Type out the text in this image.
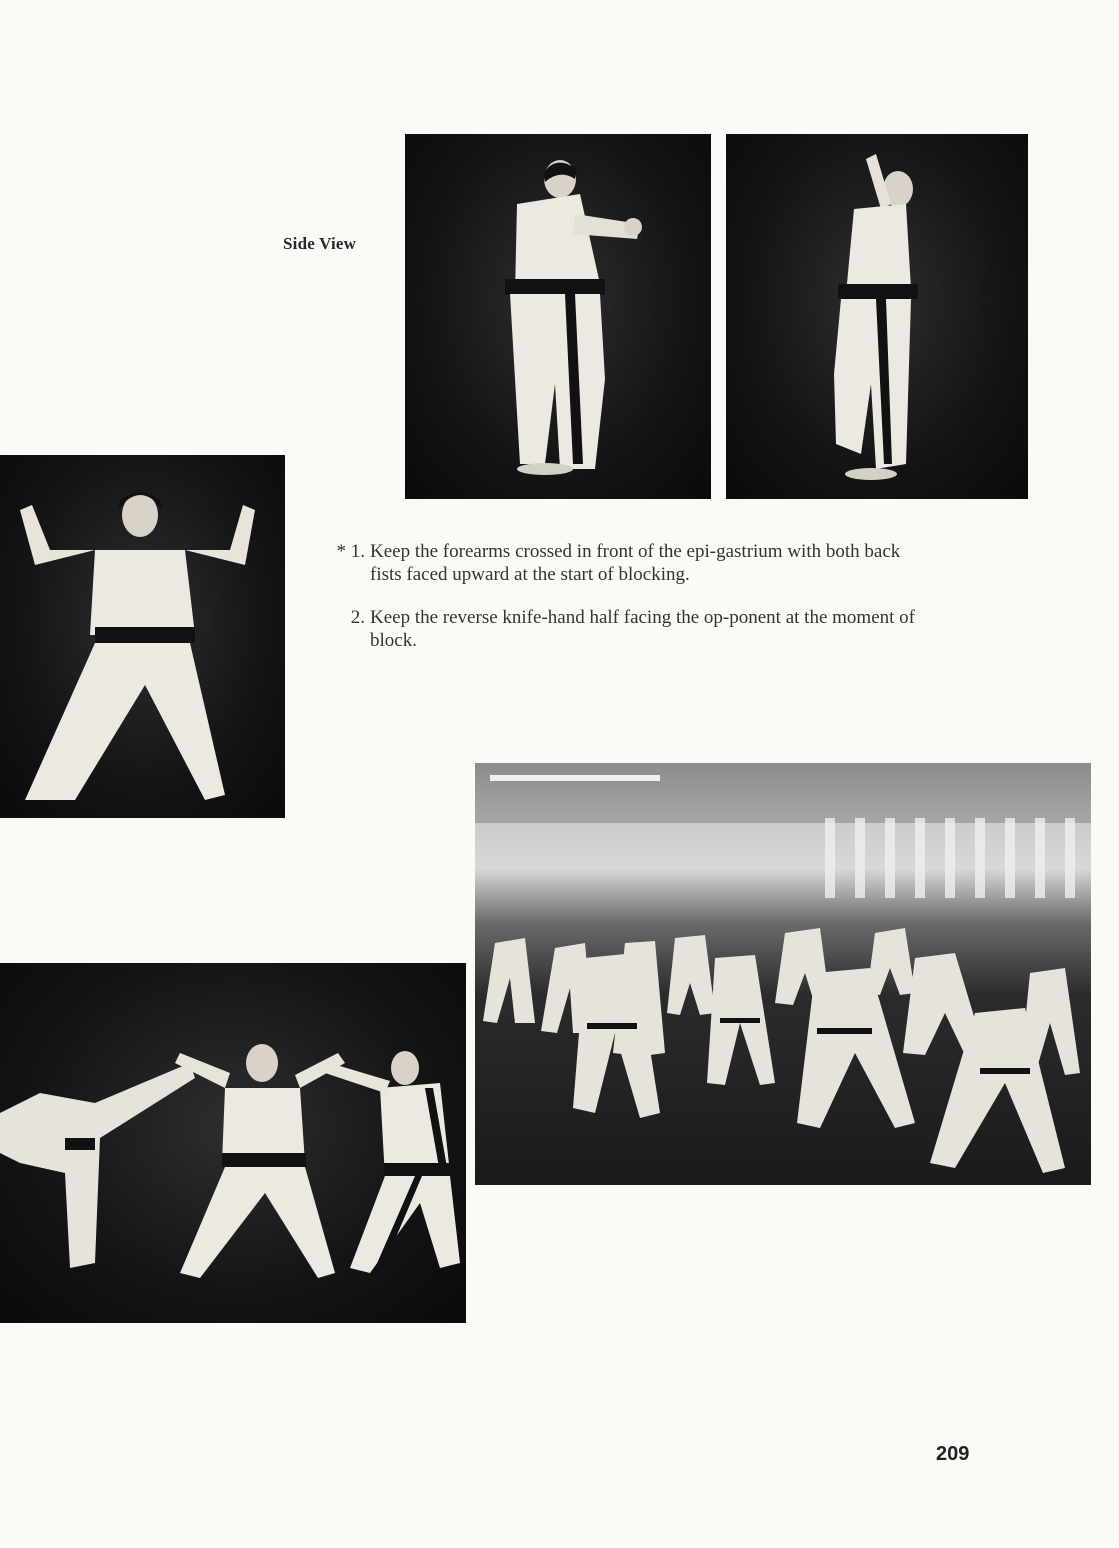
Side View
* 1. Keep the forearms crossed in front of the epi-gastrium with both back fists faced upward at the start of blocking.
2. Keep the reverse knife-hand half facing the op-ponent at the moment of block.
209
